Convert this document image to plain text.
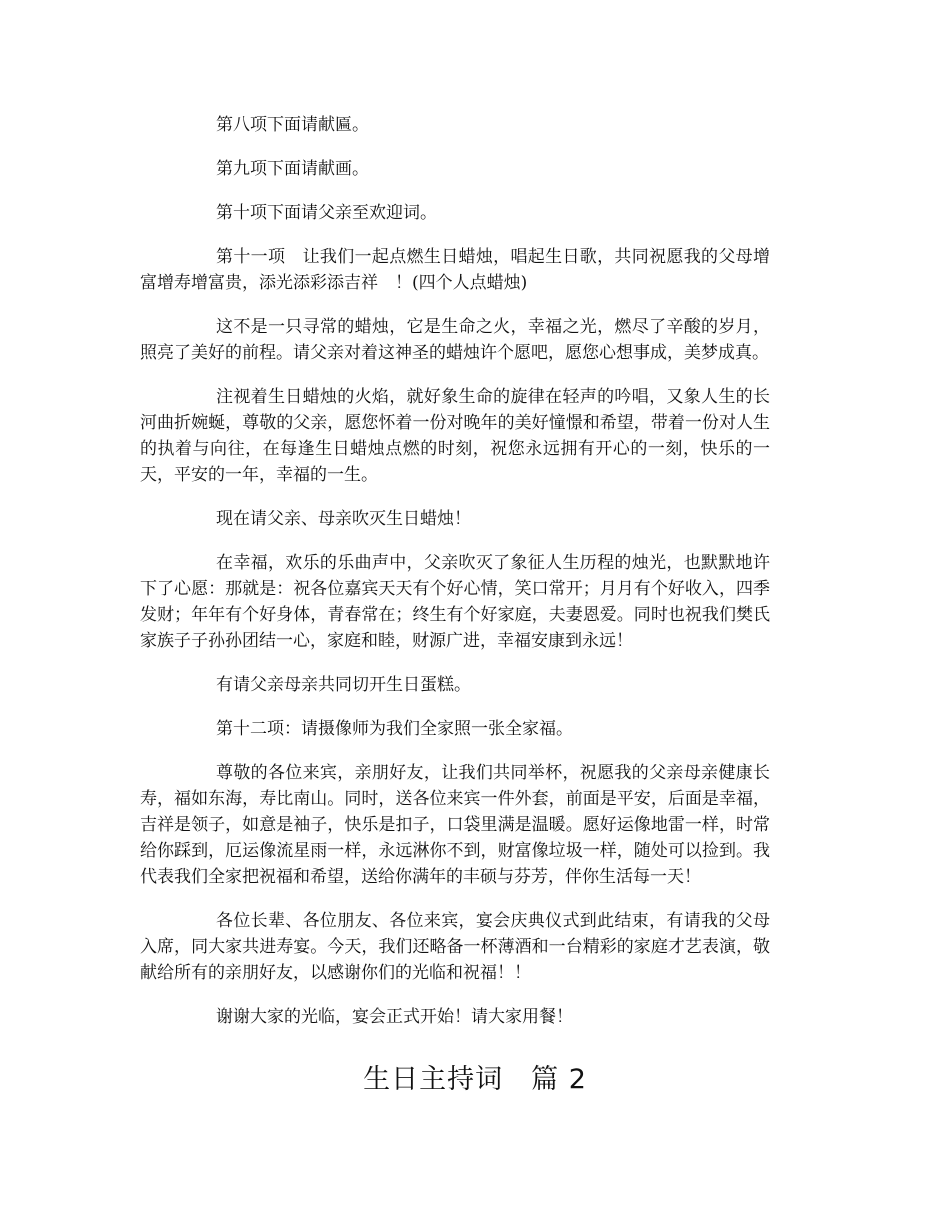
第八项下面请献匾。

第九项下面请献画。

第十项下面请父亲至欢迎词。

第十一项　让我们一起点燃生日蜡烛，唱起生日歌，共同祝愿我的父母增富增寿增富贵，添光添彩添吉祥　！(四个人点蜡烛)

这不是一只寻常的蜡烛，它是生命之火，幸福之光，燃尽了辛酸的岁月，照亮了美好的前程。请父亲对着这神圣的蜡烛许个愿吧，愿您心想事成，美梦成真。

注视着生日蜡烛的火焰，就好象生命的旋律在轻声的吟唱，又象人生的长河曲折婉蜒，尊敬的父亲，愿您怀着一份对晚年的美好憧憬和希望，带着一份对人生的执着与向往，在每逢生日蜡烛点燃的时刻，祝您永远拥有开心的一刻，快乐的一天，平安的一年，幸福的一生。

现在请父亲、母亲吹灭生日蜡烛！

在幸福，欢乐的乐曲声中，父亲吹灭了象征人生历程的烛光，也默默地许下了心愿：那就是：祝各位嘉宾天天有个好心情，笑口常开；月月有个好收入，四季发财；年年有个好身体，青春常在；终生有个好家庭，夫妻恩爱。同时也祝我们樊氏家族子子孙孙团结一心，家庭和睦，财源广进，幸福安康到永远！

有请父亲母亲共同切开生日蛋糕。

第十二项：请摄像师为我们全家照一张全家福。

尊敬的各位来宾，亲朋好友，让我们共同举杯，祝愿我的父亲母亲健康长寿，福如东海，寿比南山。同时，送各位来宾一件外套，前面是平安，后面是幸福，吉祥是领子，如意是袖子，快乐是扣子，口袋里满是温暖。愿好运像地雷一样，时常给你踩到，厄运像流星雨一样，永远淋你不到，财富像垃圾一样，随处可以捡到。我代表我们全家把祝福和希望，送给你满年的丰硕与芬芳，伴你生活每一天！

各位长辈、各位朋友、各位来宾，宴会庆典仪式到此结束，有请我的父母入席，同大家共进寿宴。今天，我们还略备一杯薄酒和一台精彩的家庭才艺表演，敬献给所有的亲朋好友，以感谢你们的光临和祝福！！

谢谢大家的光临，宴会正式开始！请大家用餐！

生日主持词　篇 2
